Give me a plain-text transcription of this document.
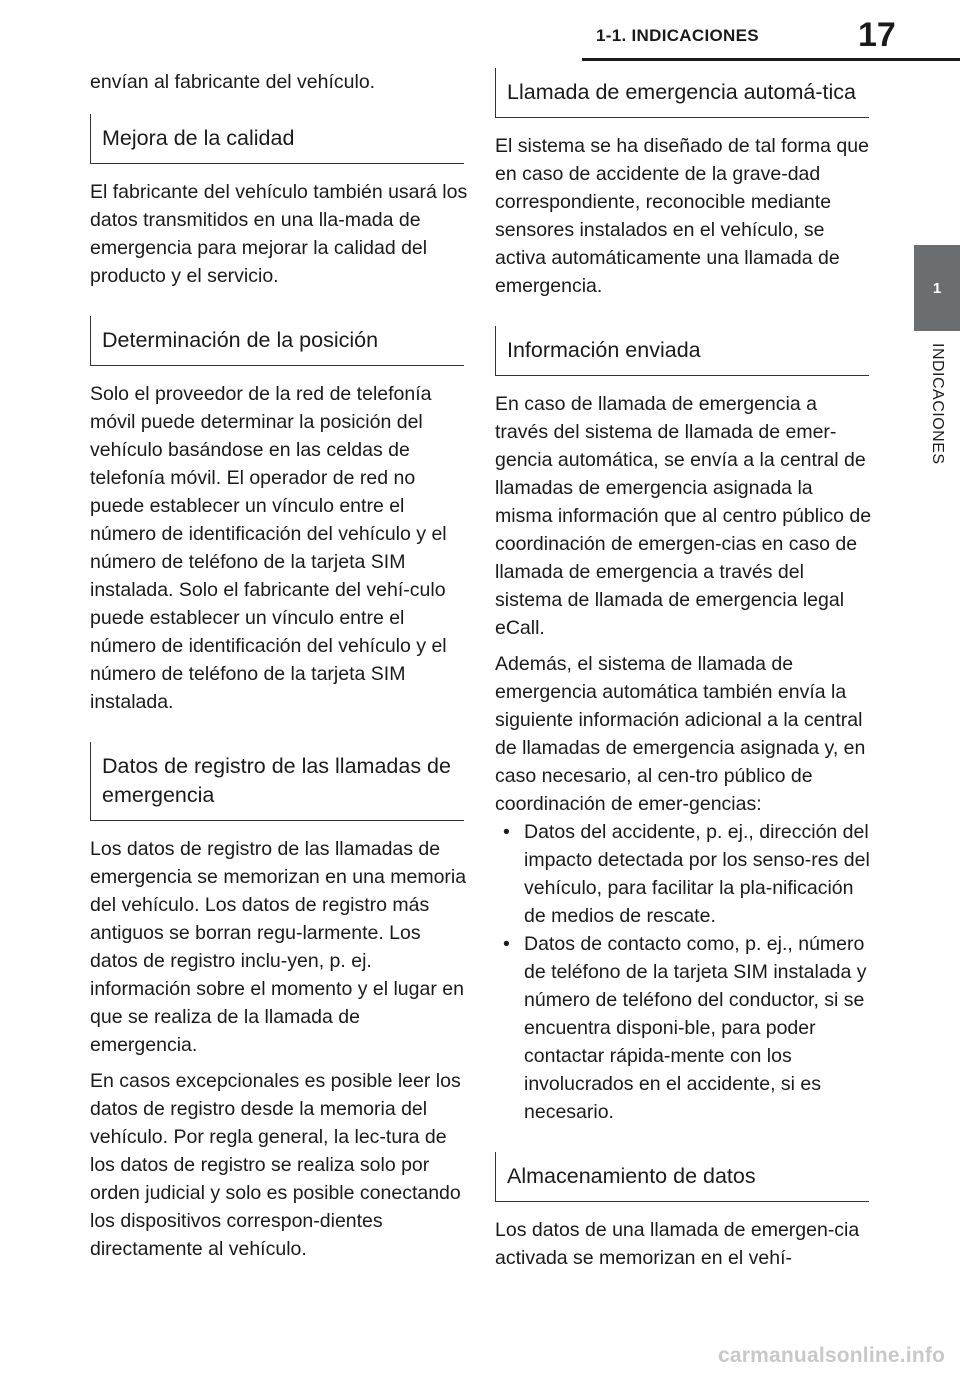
1-1. INDICACIONES	17
1
INDICACIONES

envían al fabricante del vehículo.

Mejora de la calidad

El fabricante del vehículo también usará los datos transmitidos en una lla-mada de emergencia para mejorar la calidad del producto y el servicio.

Determinación de la posición

Solo el proveedor de la red de telefonía móvil puede determinar la posición del vehículo basándose en las celdas de telefonía móvil. El operador de red no puede establecer un vínculo entre el número de identificación del vehículo y el número de teléfono de la tarjeta SIM instalada. Solo el fabricante del vehí-culo puede establecer un vínculo entre el número de identificación del vehículo y el número de teléfono de la tarjeta SIM instalada.

Datos de registro de las llamadas de emergencia

Los datos de registro de las llamadas de emergencia se memorizan en una memoria del vehículo. Los datos de registro más antiguos se borran regu-larmente. Los datos de registro inclu-yen, p. ej. información sobre el momento y el lugar en que se realiza de la llamada de emergencia.

En casos excepcionales es posible leer los datos de registro desde la memoria del vehículo. Por regla general, la lec-tura de los datos de registro se realiza solo por orden judicial y solo es posible conectando los dispositivos correspon-dientes directamente al vehículo.

Llamada de emergencia automá-tica

El sistema se ha diseñado de tal forma que en caso de accidente de la grave-dad correspondiente, reconocible mediante sensores instalados en el vehículo, se activa automáticamente una llamada de emergencia.

Información enviada

En caso de llamada de emergencia a través del sistema de llamada de emer-gencia automática, se envía a la central de llamadas de emergencia asignada la misma información que al centro público de coordinación de emergen-cias en caso de llamada de emergencia a través del sistema de llamada de emergencia legal eCall.

Además, el sistema de llamada de emergencia automática también envía la siguiente información adicional a la central de llamadas de emergencia asignada y, en caso necesario, al cen-tro público de coordinación de emer-gencias:

• Datos del accidente, p. ej., dirección del impacto detectada por los senso-res del vehículo, para facilitar la pla-nificación de medios de rescate.
• Datos de contacto como, p. ej., número de teléfono de la tarjeta SIM instalada y número de teléfono del conductor, si se encuentra disponi-ble, para poder contactar rápida-mente con los involucrados en el accidente, si es necesario.
Almacenamiento de datos

Los datos de una llamada de emergen-cia activada se memorizan en el vehí-

carmanualsonline.info
